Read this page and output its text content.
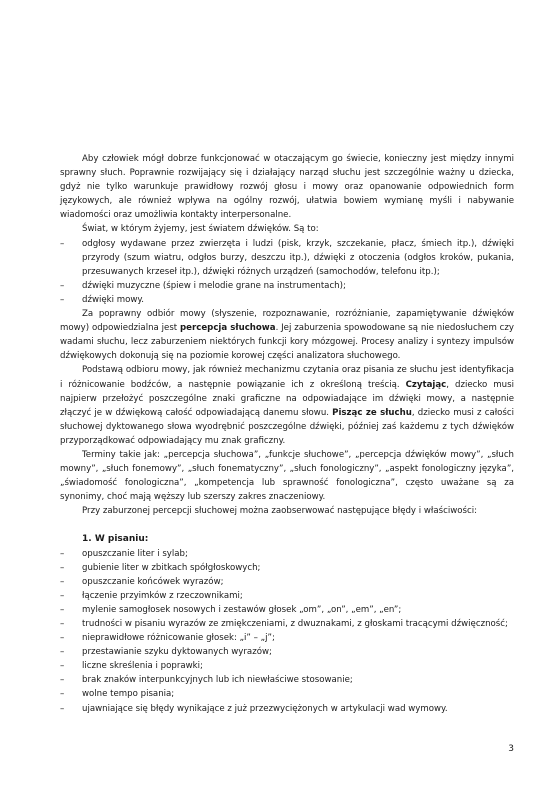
Aby człowiek mógł dobrze funkcjonować w otaczającym go świecie, konieczny jest między innymi sprawny słuch. Poprawnie rozwijający się i działający narząd słuchu jest szczególnie ważny u dziecka, gdyż nie tylko warunkuje prawidłowy rozwój głosu i mowy oraz opanowanie odpowiednich form językowych, ale również wpływa na ogólny rozwój, ułatwia bowiem wymianę myśli i nabywanie wiadomości oraz umożliwia kontakty interpersonalne.

Świat, w którym żyjemy, jest światem dźwięków. Są to:

–	odgłosy wydawane przez zwierzęta i ludzi (pisk, krzyk, szczekanie, płacz, śmiech itp.), dźwięki przyrody (szum wiatru, odgłos burzy, deszczu itp.), dźwięki z otoczenia (odgłos kroków, pukania, przesuwanych krzeseł itp.), dźwięki różnych urządzeń (samochodów, telefonu itp.);
–	dźwięki muzyczne (śpiew i melodie grane na instrumentach);
–	dźwięki mowy.

Za poprawny odbiór mowy (słyszenie, rozpoznawanie, rozróżnianie, zapamiętywanie dźwięków mowy) odpowiedzialna jest percepcja słuchowa. Jej zaburzenia spowodowane są nie niedosłuchem czy wadami słuchu, lecz zaburzeniem niektórych funkcji kory mózgowej. Procesy analizy i syntezy impulsów dźwiękowych dokonują się na poziomie korowej części analizatora słuchowego.

Podstawą odbioru mowy, jak również mechanizmu czytania oraz pisania ze słuchu jest identyfikacja i różnicowanie bodźców, a następnie powiązanie ich z określoną treścią. Czytając, dziecko musi najpierw przełożyć poszczególne znaki graficzne na odpowiadające im dźwięki mowy, a następnie złączyć je w dźwiękową całość odpowiadającą danemu słowu. Pisząc ze słuchu, dziecko musi z całości słuchowej dyktowanego słowa wyodrębnić poszczególne dźwięki, później zaś każdemu z tych dźwięków przyporządkować odpowiadający mu znak graficzny.

Terminy takie jak: „percepcja słuchowa”, „funkcje słuchowe”, „percepcja dźwięków mowy”, „słuch mowny”, „słuch fonemowy”, „słuch fonematyczny”, „słuch fonologiczny”, „aspekt fonologiczny języka”, „świadomość fonologiczna”, „kompetencja lub sprawność fonologiczna”, często uważane są za synonimy, choć mają węższy lub szerszy zakres znaczeniowy.

Przy zaburzonej percepcji słuchowej można zaobserwować następujące błędy i właściwości:

1. W pisaniu:

–	opuszczanie liter i sylab;
–	gubienie liter w zbitkach spółgłoskowych;
–	opuszczanie końcówek wyrazów;
–	łączenie przyimków z rzeczownikami;
–	mylenie samogłosek nosowych i zestawów głosek „om”, „on”, „em”, „en”;
–	trudności w pisaniu wyrazów ze zmiękczeniami, z dwuznakami, z głoskami tracącymi dźwięczność;
–	nieprawidłowe różnicowanie głosek: „i” – „j”;
–	przestawianie szyku dyktowanych wyrazów;
–	liczne skreślenia i poprawki;
–	brak znaków interpunkcyjnych lub ich niewłaściwe stosowanie;
–	wolne tempo pisania;
–	ujawniające się błędy wynikające z już przezwyciężonych w artykulacji wad wymowy.
3
